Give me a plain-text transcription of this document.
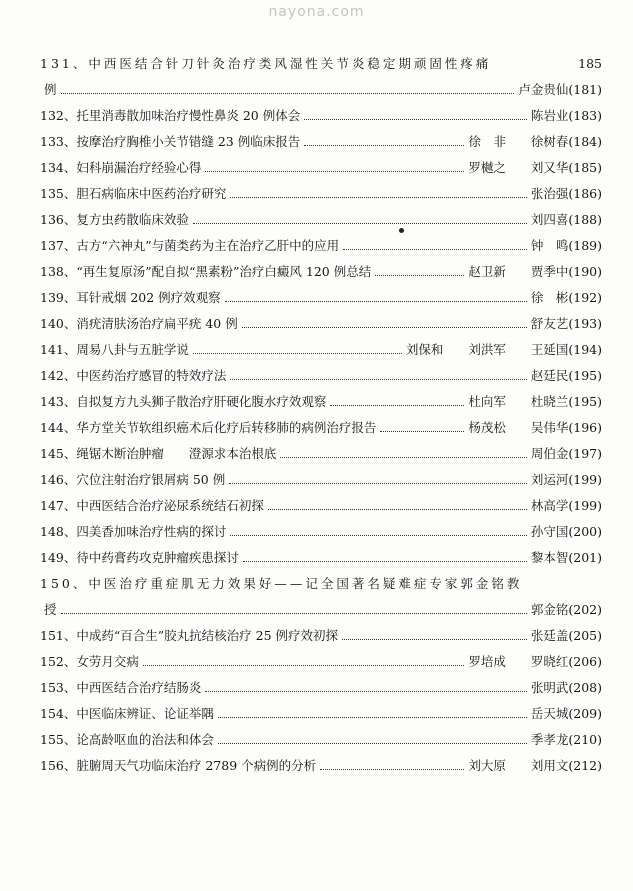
nayona.com
131 、中西医结合针刀针灸治疗类风湿性关节炎稳定期顽固性疼痛	185
例	卢金贵仙 (181)
132 、托里消毒散加味治疗慢性鼻炎 20 例体会	陈岩业 (183)
133 、按摩治疗胸椎小关节错缝 23 例临床报告	徐　非　　徐树春 (184)
134 、妇科崩漏治疗经验心得	罗樾之　　刘又华 (185)
135 、胆石病临床中医药治疗研究	张治强 (186)
136 、复方虫药散临床效验	刘四喜 (188)
137 、古方“六神丸”与菌类药为主在治疗乙肝中的应用	钟　鸣 (189)
138 、“再生复原汤”配自拟“黑素粉”治疗白癜风 120 例总结	赵卫新　　贾季中 (190)
139 、耳针戒烟 202 例疗效观察	徐　彬 (192)
140 、消疣清肤汤治疗扁平疣 40 例	舒友艺 (193)
141 、周易八卦与五脏学说	刘保和　　刘洪军　　王延国 (194)
142 、中医药治疗感冒的特效疗法	赵廷民 (195)
143 、自拟复方九头狮子散治疗肝硬化腹水疗效观察	杜向军　　杜晓兰 (195)
144 、华方堂关节软组织癌术后化疗后转移肺的病例治疗报告	杨茂松　　吴伟华 (196)
145 、绳锯木断治肿瘤　　澄源求本治根底	周伯金 (197)
146 、穴位注射治疗银屑病 50 例	刘运河 (199)
147 、中西医结合治疗泌尿系统结石初探	林高学 (199)
148 、四美香加味治疗性病的探讨	孙守国 (200)
149 、待中药膏药攻克肿瘤疾患探讨	黎本智 (201)
150 、中医治疗重症肌无力效果好——记全国著名疑难症专家郭金铭教
授	郭金铭 (202)
151 、中成药“百合生”胶丸抗结核治疗 25 例疗效初探	张廷盖 (205)
152 、女劳月交病	罗培成　　罗晓红 (206)
153 、中西医结合治疗结肠炎	张明武 (208)
154 、中医临床辨证、论证举隅	岳天城 (209)
155 、论高龄呕血的治法和体会	季孝龙 (210)
156 、脏腑周天气功临床治疗 2789 个病例的分析	刘大原　　刘用文 (212)
